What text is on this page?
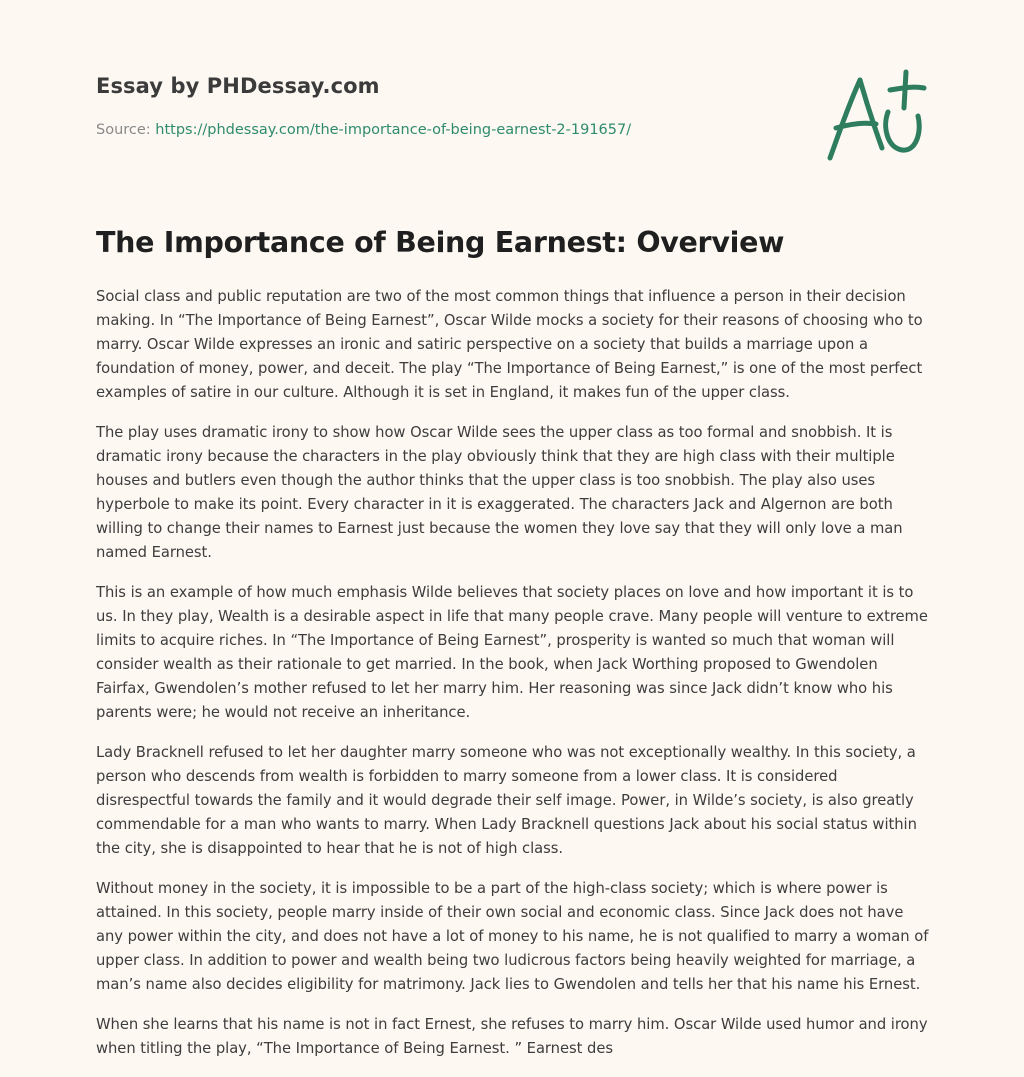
Essay by PHDessay.com
Source: https://phdessay.com/the-importance-of-being-earnest-2-191657/
The Importance of Being Earnest: Overview

Social class and public reputation are two of the most common things that influence a person in their decision making. In “The Importance of Being Earnest”, Oscar Wilde mocks a society for their reasons of choosing who to marry. Oscar Wilde expresses an ironic and satiric perspective on a society that builds a marriage upon a foundation of money, power, and deceit. The play “The Importance of Being Earnest,” is one of the most perfect examples of satire in our culture. Although it is set in England, it makes fun of the upper class.

The play uses dramatic irony to show how Oscar Wilde sees the upper class as too formal and snobbish. It is dramatic irony because the characters in the play obviously think that they are high class with their multiple houses and butlers even though the author thinks that the upper class is too snobbish. The play also uses hyperbole to make its point. Every character in it is exaggerated. The characters Jack and Algernon are both willing to change their names to Earnest just because the women they love say that they will only love a man named Earnest.

This is an example of how much emphasis Wilde believes that society places on love and how important it is to us. In they play, Wealth is a desirable aspect in life that many people crave. Many people will venture to extreme limits to acquire riches. In “The Importance of Being Earnest”, prosperity is wanted so much that woman will consider wealth as their rationale to get married. In the book, when Jack Worthing proposed to Gwendolen Fairfax, Gwendolen’s mother refused to let her marry him. Her reasoning was since Jack didn’t know who his parents were; he would not receive an inheritance.

Lady Bracknell refused to let her daughter marry someone who was not exceptionally wealthy. In this society, a person who descends from wealth is forbidden to marry someone from a lower class. It is considered disrespectful towards the family and it would degrade their self image. Power, in Wilde’s society, is also greatly commendable for a man who wants to marry. When Lady Bracknell questions Jack about his social status within the city, she is disappointed to hear that he is not of high class.

Without money in the society, it is impossible to be a part of the high-class society; which is where power is attained. In this society, people marry inside of their own social and economic class. Since Jack does not have any power within the city, and does not have a lot of money to his name, he is not qualified to marry a woman of upper class. In addition to power and wealth being two ludicrous factors being heavily weighted for marriage, a man’s name also decides eligibility for matrimony. Jack lies to Gwendolen and tells her that his name his Ernest.

When she learns that his name is not in fact Ernest, she refuses to marry him. Oscar Wilde used humor and irony when titling the play, “The Importance of Being Earnest. ” Earnest des
